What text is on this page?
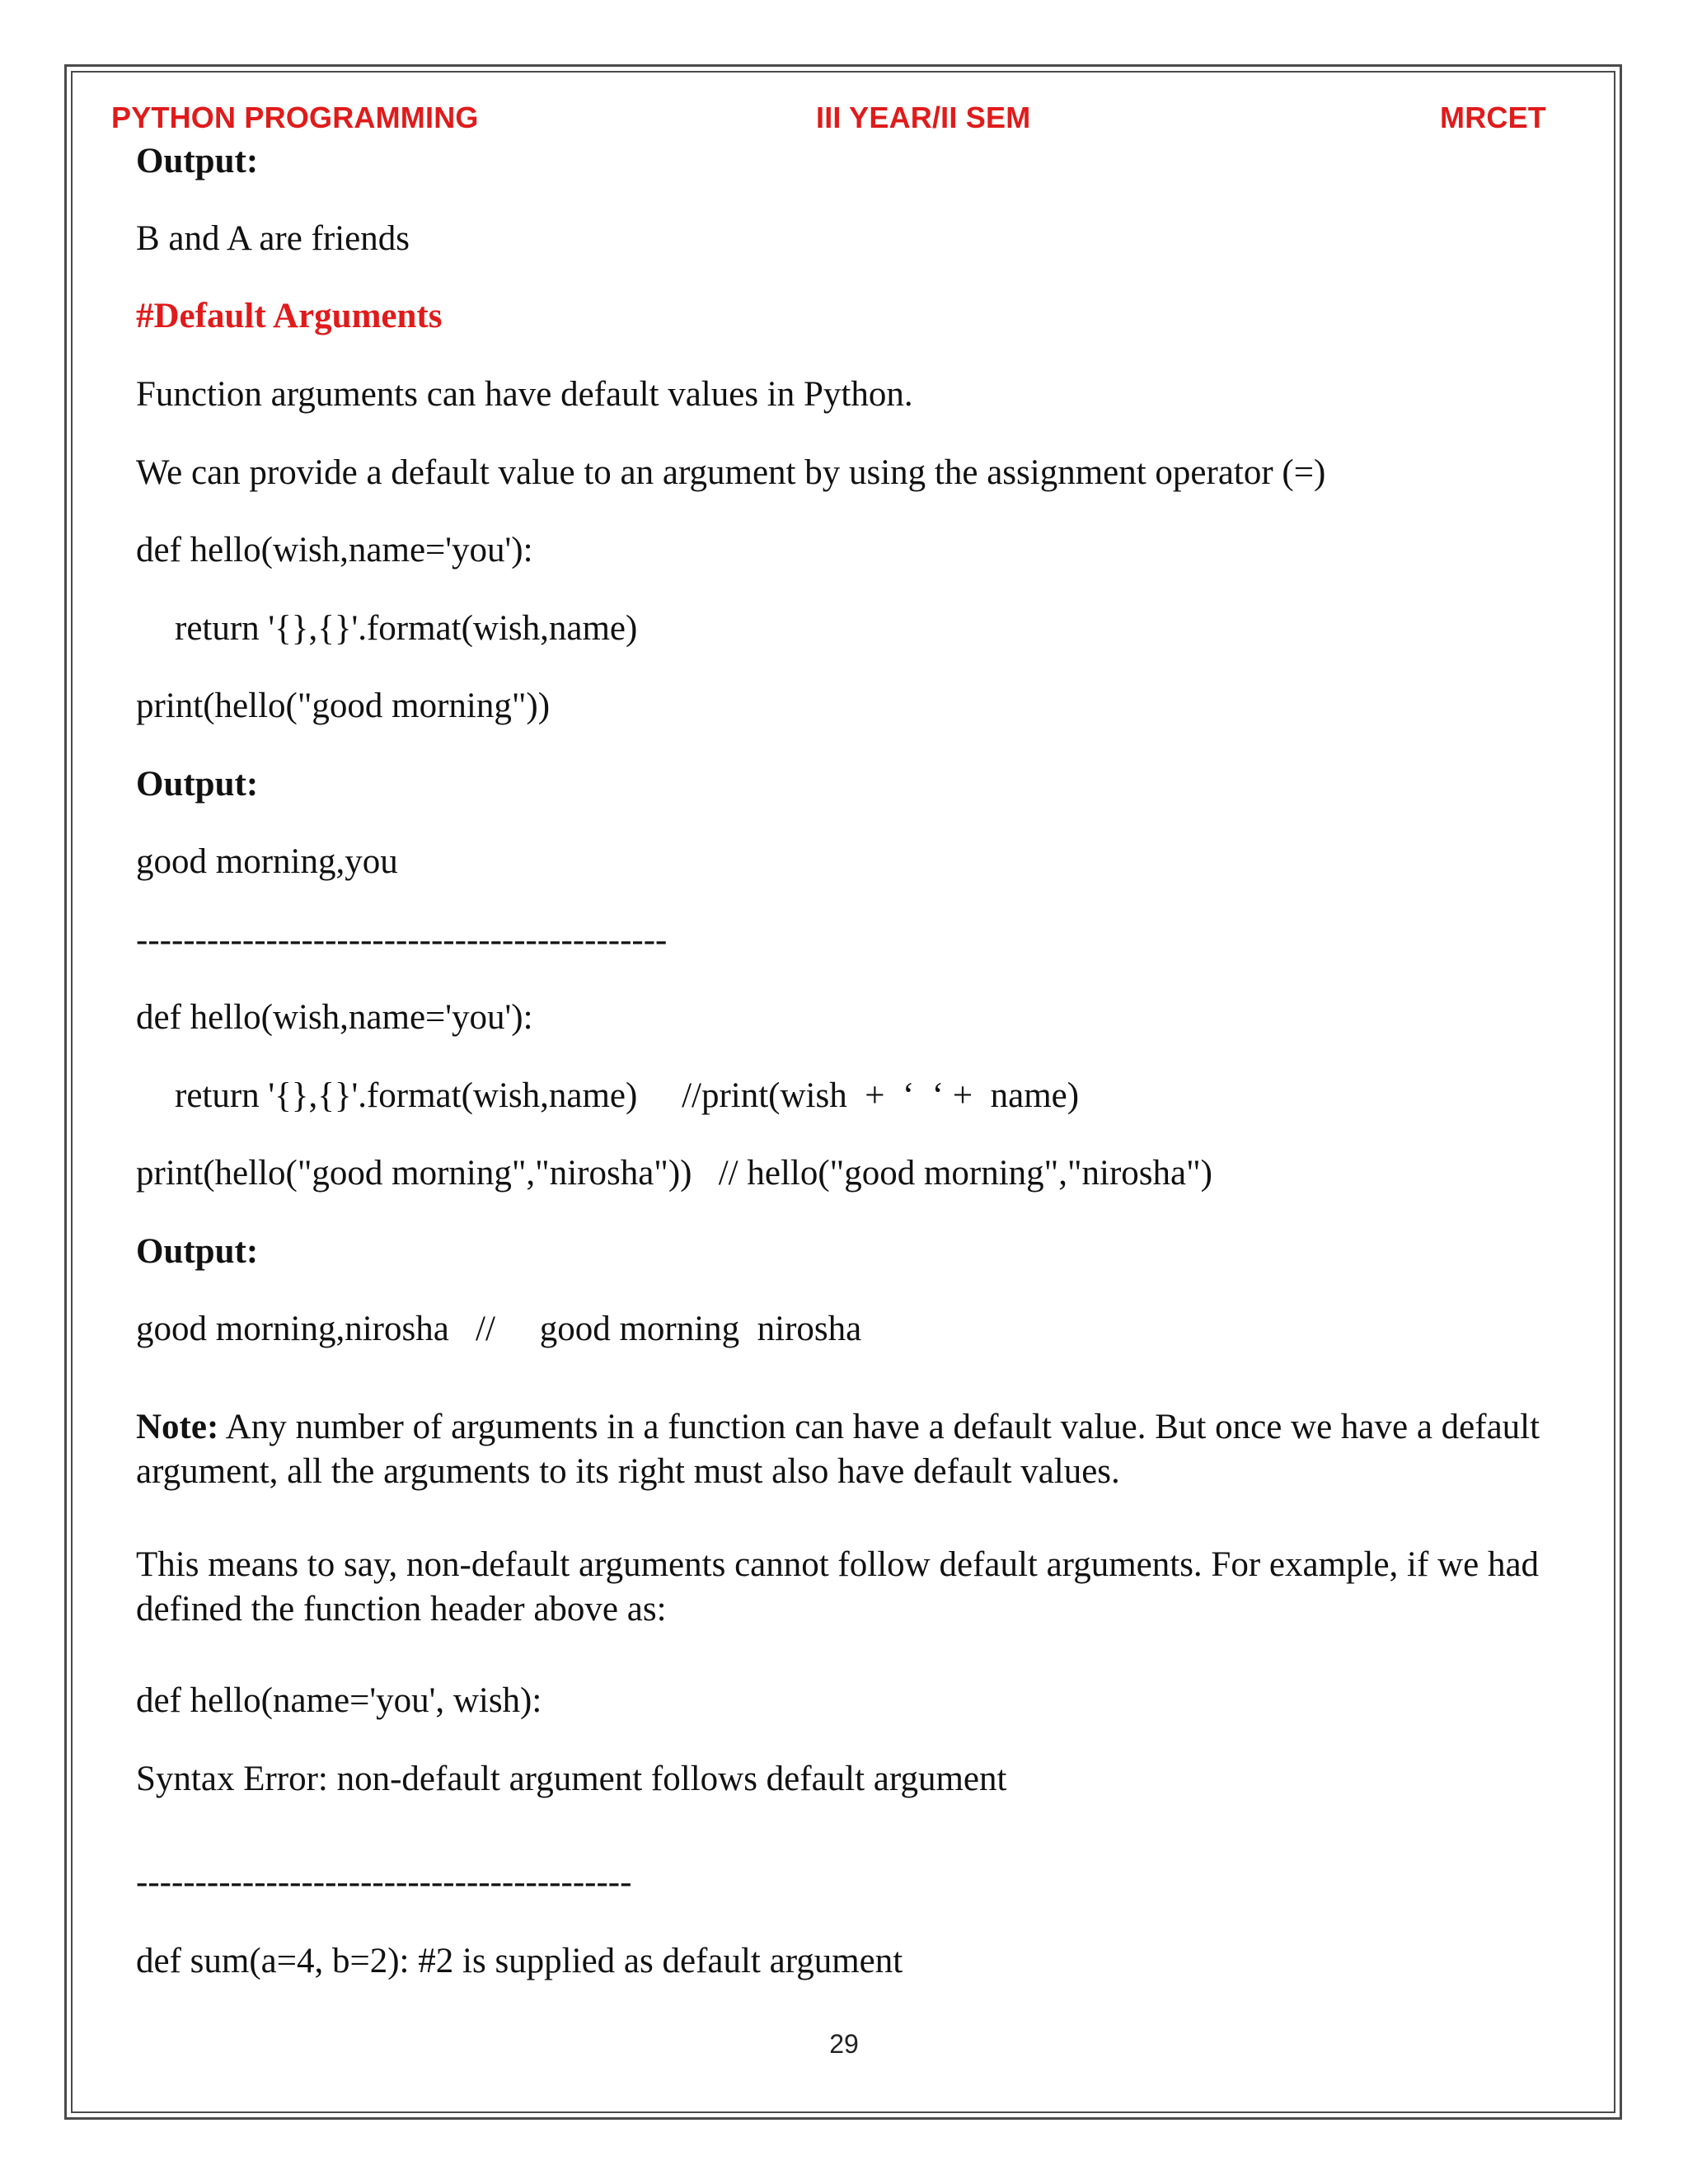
PYTHON PROGRAMMING	III YEAR/II SEM	MRCET
Output:
B and A are friends
#Default Arguments
Function arguments can have default values in Python.
We can provide a default value to an argument by using the assignment operator (=)
def hello(wish,name='you'):
return '{},{}'.format(wish,name)
print(hello("good morning"))
Output:
good morning,you
---------------------------------------------
def hello(wish,name='you'):
return '{},{}'.format(wish,name)     //print(wish  +  ‘  ‘ +  name)
print(hello("good morning","nirosha"))   // hello("good morning","nirosha")
Output:
good morning,nirosha   //     good morning  nirosha
Note: Any number of arguments in a function can have a default value. But once we have a default argument, all the arguments to its right must also have default values.
This means to say, non-default arguments cannot follow default arguments. For example, if we had defined the function header above as:
def hello(name='you', wish):
Syntax Error: non-default argument follows default argument
------------------------------------------
def sum(a=4, b=2): #2 is supplied as default argument
29
